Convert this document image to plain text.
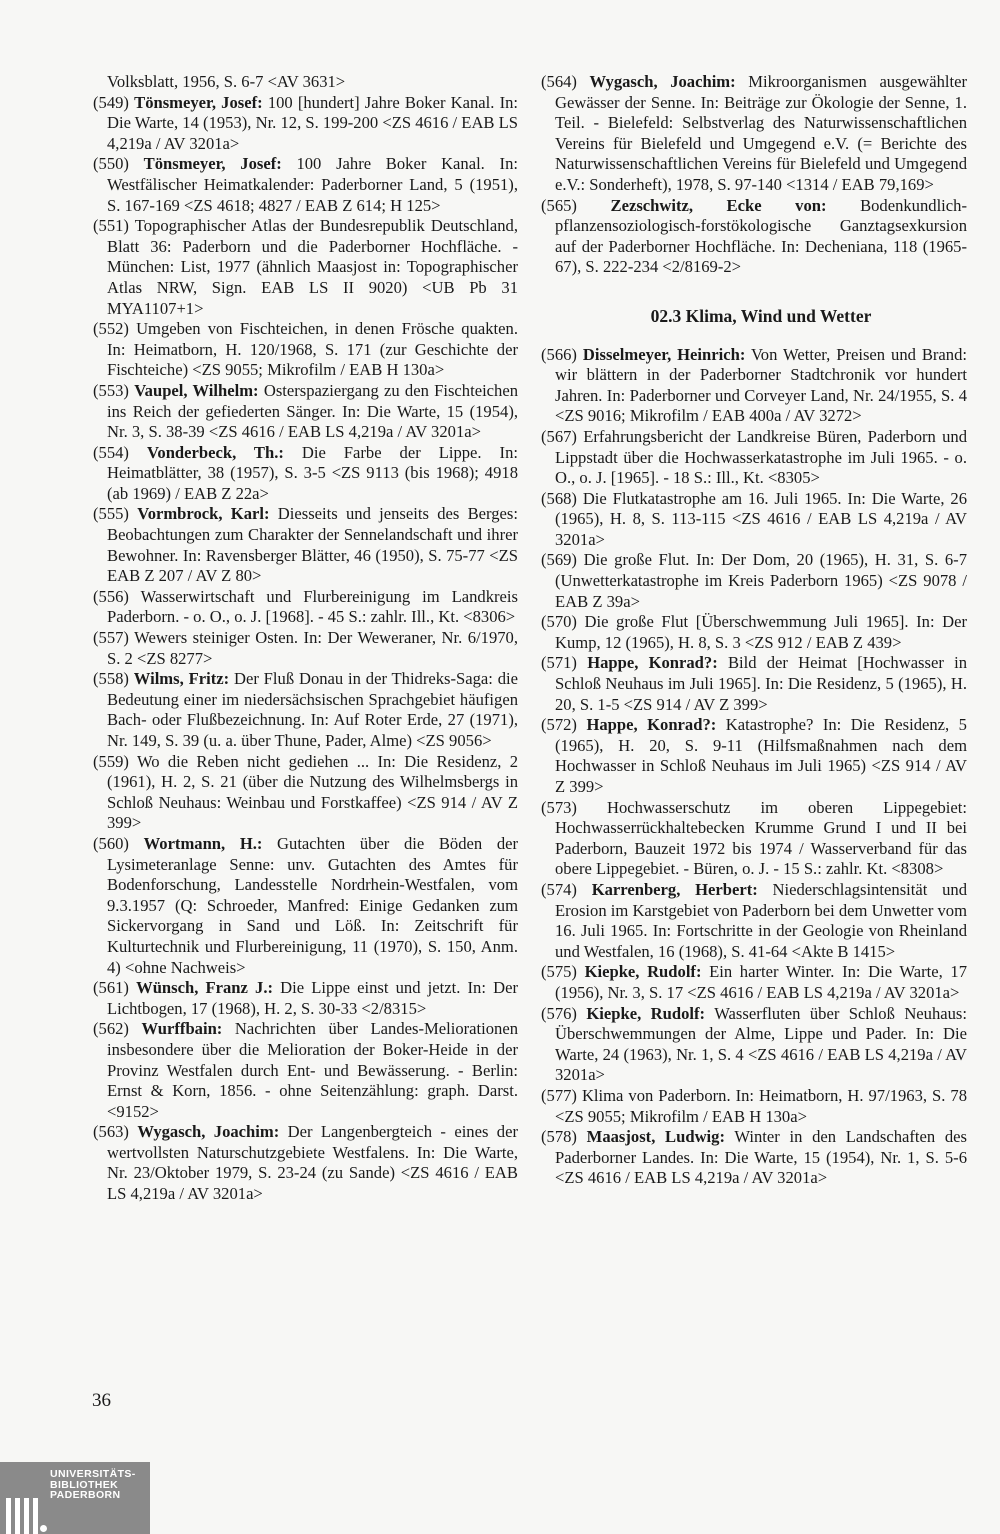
Volksblatt, 1956, S. 6-7 <AV 3631>

(549) Tönsmeyer, Josef: 100 [hundert] Jahre Boker Kanal. In: Die Warte, 14 (1953), Nr. 12, S. 199-200 <ZS 4616 / EAB LS 4,219a / AV 3201a>

(550) Tönsmeyer, Josef: 100 Jahre Boker Kanal. In: Westfälischer Heimatkalender: Paderborner Land, 5 (1951), S. 167-169 <ZS 4618; 4827 / EAB Z 614; H 125>

(551) Topographischer Atlas der Bundesrepublik Deutschland, Blatt 36: Paderborn und die Paderborner Hochfläche. - München: List, 1977 (ähnlich Maasjost in: Topographischer Atlas NRW, Sign. EAB LS II 9020) <UB Pb 31 MYA1107+1>

(552) Umgeben von Fischteichen, in denen Frösche quakten. In: Heimatborn, H. 120/1968, S. 171 (zur Geschichte der Fischteiche) <ZS 9055; Mikrofilm / EAB H 130a>

(553) Vaupel, Wilhelm: Osterspaziergang zu den Fischteichen ins Reich der gefiederten Sänger. In: Die Warte, 15 (1954), Nr. 3, S. 38-39 <ZS 4616 / EAB LS 4,219a / AV 3201a>

(554) Vonderbeck, Th.: Die Farbe der Lippe. In: Heimatblätter, 38 (1957), S. 3-5 <ZS 9113 (bis 1968); 4918 (ab 1969) / EAB Z 22a>

(555) Vormbrock, Karl: Diesseits und jenseits des Berges: Beobachtungen zum Charakter der Sennelandschaft und ihrer Bewohner. In: Ravensberger Blätter, 46 (1950), S. 75-77 <ZS EAB Z 207 / AV Z 80>

(556) Wasserwirtschaft und Flurbereinigung im Landkreis Paderborn. - o. O., o. J. [1968]. - 45 S.: zahlr. Ill., Kt. <8306>

(557) Wewers steiniger Osten. In: Der Weweraner, Nr. 6/1970, S. 2 <ZS 8277>

(558) Wilms, Fritz: Der Fluß Donau in der Thidreks-Saga: die Bedeutung einer im niedersächsischen Sprachgebiet häufigen Bach- oder Flußbezeichnung. In: Auf Roter Erde, 27 (1971), Nr. 149, S. 39 (u. a. über Thune, Pader, Alme) <ZS 9056>

(559) Wo die Reben nicht gediehen ... In: Die Residenz, 2 (1961), H. 2, S. 21 (über die Nutzung des Wilhelmsbergs in Schloß Neuhaus: Weinbau und Forstkaffee) <ZS 914 / AV Z 399>

(560) Wortmann, H.: Gutachten über die Böden der Lysimeteranlage Senne: unv. Gutachten des Amtes für Bodenforschung, Landesstelle Nordrhein-Westfalen, vom 9.3.1957 (Q: Schroeder, Manfred: Einige Gedanken zum Sickervorgang in Sand und Löß. In: Zeitschrift für Kulturtechnik und Flurbereinigung, 11 (1970), S. 150, Anm. 4) <ohne Nachweis>

(561) Wünsch, Franz J.: Die Lippe einst und jetzt. In: Der Lichtbogen, 17 (1968), H. 2, S. 30-33 <2/8315>

(562) Wurffbain: Nachrichten über Landes-Meliorationen insbesondere über die Melioration der Boker-Heide in der Provinz Westfalen durch Ent- und Bewässerung. - Berlin: Ernst & Korn, 1856. - ohne Seitenzählung: graph. Darst. <9152>

(563) Wygasch, Joachim: Der Langenbergteich - eines der wertvollsten Naturschutzgebiete Westfalens. In: Die Warte, Nr. 23/Oktober 1979, S. 23-24 (zu Sande) <ZS 4616 / EAB LS 4,219a / AV 3201a>

(564) Wygasch, Joachim: Mikroorganismen ausgewählter Gewässer der Senne. In: Beiträge zur Ökologie der Senne, 1. Teil. - Bielefeld: Selbstverlag des Naturwissenschaftlichen Vereins für Bielefeld und Umgegend e.V. (= Berichte des Naturwissenschaftlichen Vereins für Bielefeld und Umgegend e.V.: Sonderheft), 1978, S. 97-140 <1314 / EAB 79,169>

(565) Zezschwitz, Ecke von: Bodenkundlich-pflanzensoziologisch-forstökologische Ganztagsexkursion auf der Paderborner Hochfläche. In: Decheniana, 118 (1965-67), S. 222-234 <2/8169-2>

02.3 Klima, Wind und Wetter

(566) Disselmeyer, Heinrich: Von Wetter, Preisen und Brand: wir blättern in der Paderborner Stadtchronik vor hundert Jahren. In: Paderborner und Corveyer Land, Nr. 24/1955, S. 4 <ZS 9016; Mikrofilm / EAB 400a / AV 3272>

(567) Erfahrungsbericht der Landkreise Büren, Paderborn und Lippstadt über die Hochwasserkatastrophe im Juli 1965. - o. O., o. J. [1965]. - 18 S.: Ill., Kt. <8305>

(568) Die Flutkatastrophe am 16. Juli 1965. In: Die Warte, 26 (1965), H. 8, S. 113-115 <ZS 4616 / EAB LS 4,219a / AV 3201a>

(569) Die große Flut. In: Der Dom, 20 (1965), H. 31, S. 6-7 (Unwetterkatastrophe im Kreis Paderborn 1965) <ZS 9078 / EAB Z 39a>

(570) Die große Flut [Überschwemmung Juli 1965]. In: Der Kump, 12 (1965), H. 8, S. 3 <ZS 912 / EAB Z 439>

(571) Happe, Konrad?: Bild der Heimat [Hochwasser in Schloß Neuhaus im Juli 1965]. In: Die Residenz, 5 (1965), H. 20, S. 1-5 <ZS 914 / AV Z 399>

(572) Happe, Konrad?: Katastrophe? In: Die Residenz, 5 (1965), H. 20, S. 9-11 (Hilfsmaßnahmen nach dem Hochwasser in Schloß Neuhaus im Juli 1965) <ZS 914 / AV Z 399>

(573) Hochwasserschutz im oberen Lippegebiet: Hochwasserrückhaltebecken Krumme Grund I und II bei Paderborn, Bauzeit 1972 bis 1974 / Wasserverband für das obere Lippegebiet. - Büren, o. J. - 15 S.: zahlr. Kt. <8308>

(574) Karrenberg, Herbert: Niederschlagsintensität und Erosion im Karstgebiet von Paderborn bei dem Unwetter vom 16. Juli 1965. In: Fortschritte in der Geologie von Rheinland und Westfalen, 16 (1968), S. 41-64 <Akte B 1415>

(575) Kiepke, Rudolf: Ein harter Winter. In: Die Warte, 17 (1956), Nr. 3, S. 17 <ZS 4616 / EAB LS 4,219a / AV 3201a>

(576) Kiepke, Rudolf: Wasserfluten über Schloß Neuhaus: Überschwemmungen der Alme, Lippe und Pader. In: Die Warte, 24 (1963), Nr. 1, S. 4 <ZS 4616 / EAB LS 4,219a / AV 3201a>

(577) Klima von Paderborn. In: Heimatborn, H. 97/1963, S. 78 <ZS 9055; Mikrofilm / EAB H 130a>

(578) Maasjost, Ludwig: Winter in den Landschaften des Paderborner Landes. In: Die Warte, 15 (1954), Nr. 1, S. 5-6 <ZS 4616 / EAB LS 4,219a / AV 3201a>

36
UNIVERSITÄTS-
BIBLIOTHEK
PADERBORN
